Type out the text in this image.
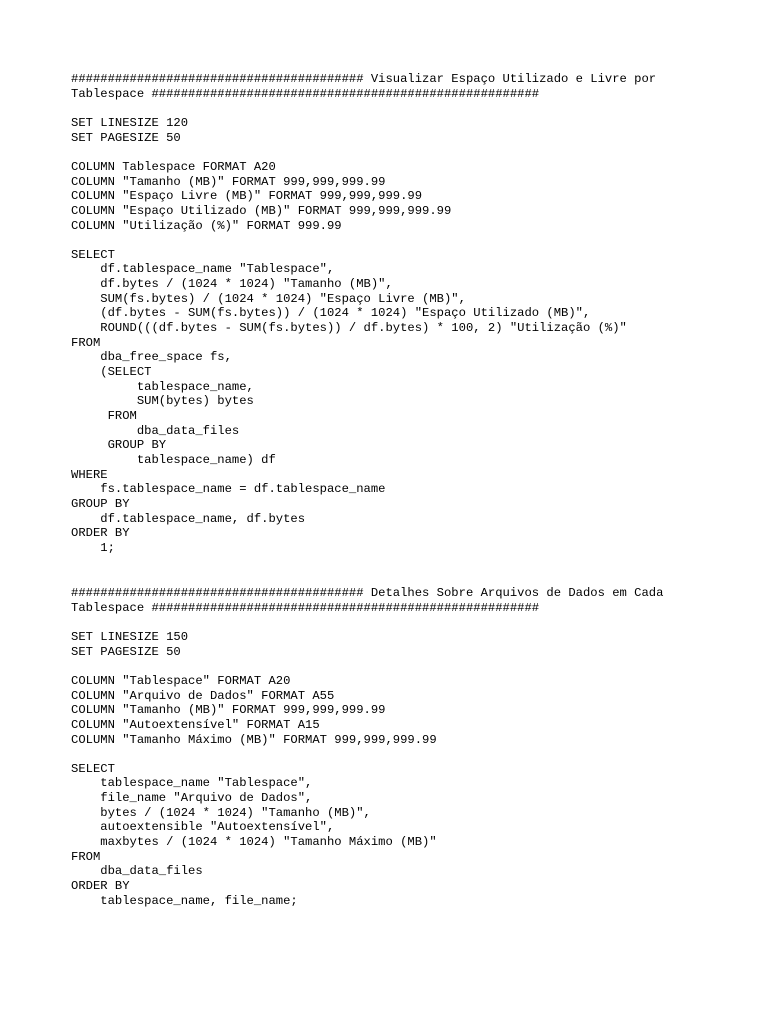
######################################## Visualizar Espaço Utilizado e Livre por
Tablespace #####################################################
SET LINESIZE 120
SET PAGESIZE 50
COLUMN Tablespace FORMAT A20
COLUMN "Tamanho (MB)" FORMAT 999,999,999.99
COLUMN "Espaço Livre (MB)" FORMAT 999,999,999.99
COLUMN "Espaço Utilizado (MB)" FORMAT 999,999,999.99
COLUMN "Utilização (%)" FORMAT 999.99
SELECT
df.tablespace_name "Tablespace",
df.bytes / (1024 * 1024) "Tamanho (MB)",
SUM(fs.bytes) / (1024 * 1024) "Espaço Livre (MB)",
(df.bytes - SUM(fs.bytes)) / (1024 * 1024) "Espaço Utilizado (MB)",
ROUND(((df.bytes - SUM(fs.bytes)) / df.bytes) * 100, 2) "Utilização (%)"
FROM
dba_free_space fs,
(SELECT
tablespace_name,
SUM(bytes) bytes
FROM
dba_data_files
GROUP BY
tablespace_name) df
WHERE
fs.tablespace_name = df.tablespace_name
GROUP BY
df.tablespace_name, df.bytes
ORDER BY
1;
######################################## Detalhes Sobre Arquivos de Dados em Cada
Tablespace #####################################################
SET LINESIZE 150
SET PAGESIZE 50
COLUMN "Tablespace" FORMAT A20
COLUMN "Arquivo de Dados" FORMAT A55
COLUMN "Tamanho (MB)" FORMAT 999,999,999.99
COLUMN "Autoextensível" FORMAT A15
COLUMN "Tamanho Máximo (MB)" FORMAT 999,999,999.99
SELECT
tablespace_name "Tablespace",
file_name "Arquivo de Dados",
bytes / (1024 * 1024) "Tamanho (MB)",
autoextensible "Autoextensível",
maxbytes / (1024 * 1024) "Tamanho Máximo (MB)"
FROM
dba_data_files
ORDER BY
tablespace_name, file_name;
